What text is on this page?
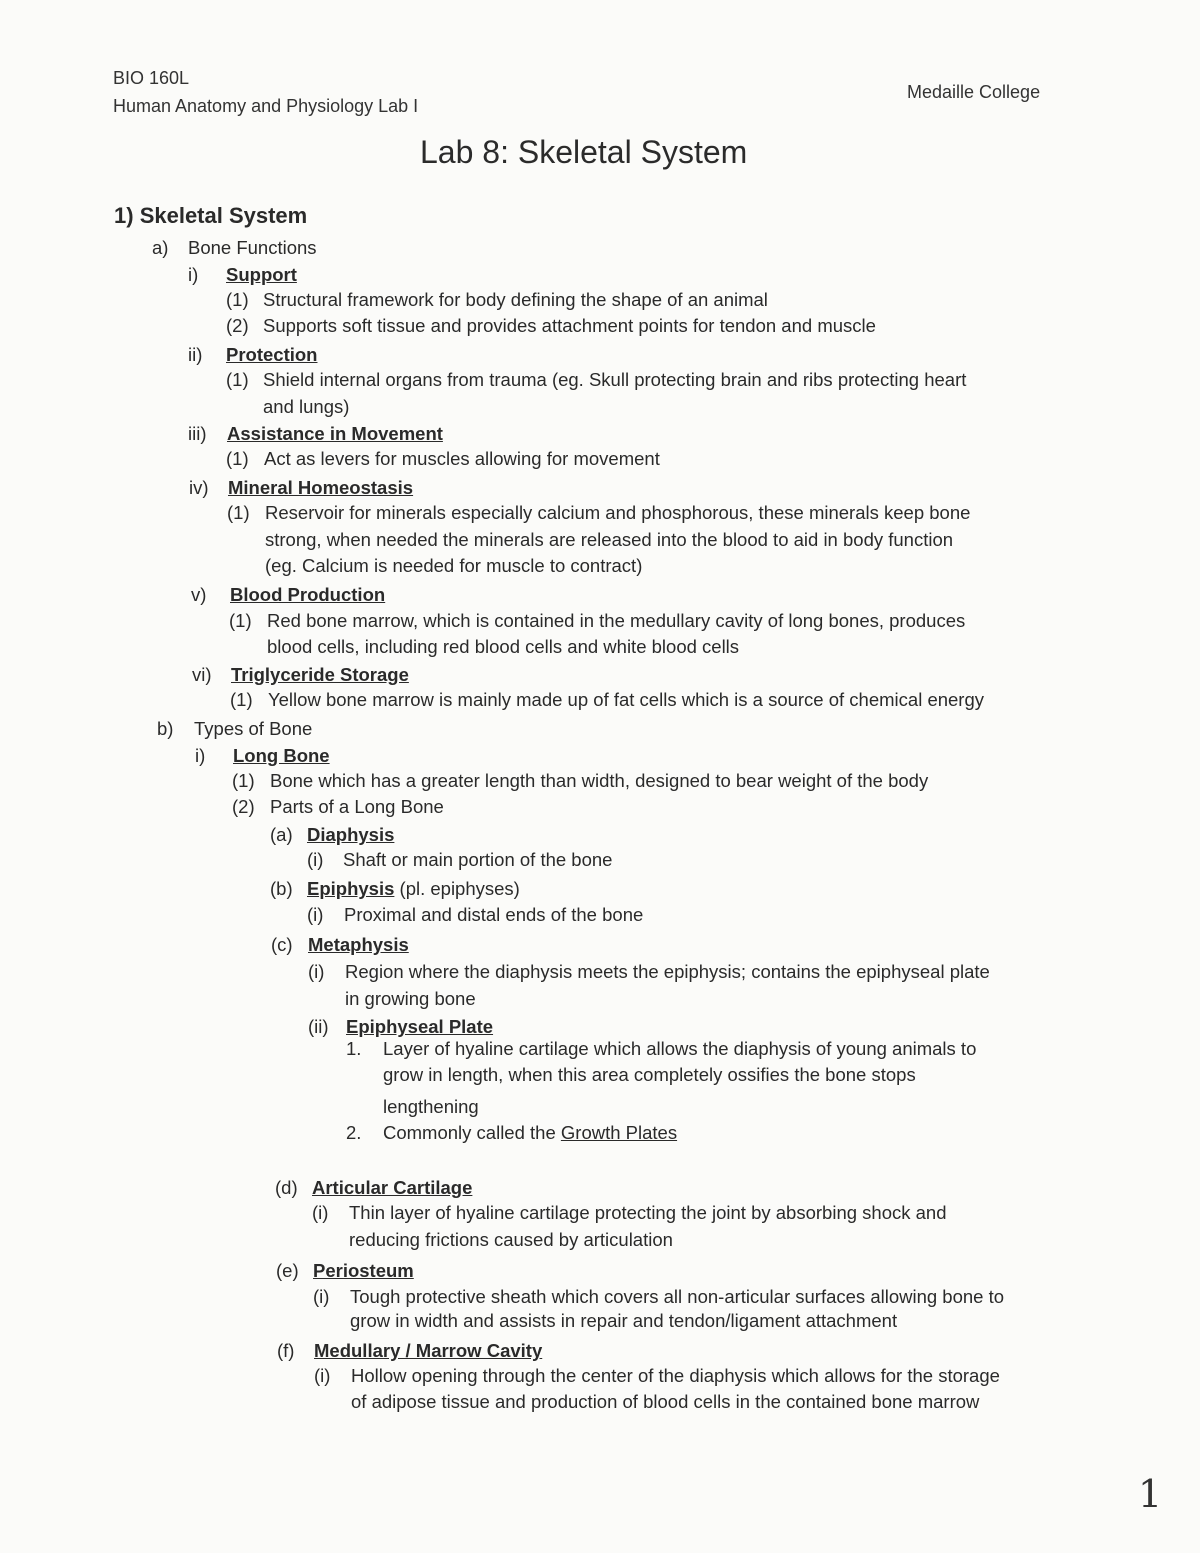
BIO 160L
Human Anatomy and Physiology Lab I
Medaille College
Lab 8: Skeletal System
1) Skeletal System
a) Bone Functions
i) Support
(1) Structural framework for body defining the shape of an animal
(2) Supports soft tissue and provides attachment points for tendon and muscle
ii) Protection
(1) Shield internal organs from trauma (eg. Skull protecting brain and ribs protecting heart
and lungs)
iii) Assistance in Movement
(1) Act as levers for muscles allowing for movement
iv) Mineral Homeostasis
(1) Reservoir for minerals especially calcium and phosphorous, these minerals keep bone
strong, when needed the minerals are released into the blood to aid in body function
(eg. Calcium is needed for muscle to contract)
v) Blood Production
(1) Red bone marrow, which is contained in the medullary cavity of long bones, produces
blood cells, including red blood cells and white blood cells
vi) Triglyceride Storage
(1) Yellow bone marrow is mainly made up of fat cells which is a source of chemical energy
b) Types of Bone
i) Long Bone
(1) Bone which has a greater length than width, designed to bear weight of the body
(2) Parts of a Long Bone
(a) Diaphysis
(i) Shaft or main portion of the bone
(b) Epiphysis (pl. epiphyses)
(i) Proximal and distal ends of the bone
(c) Metaphysis
(i) Region where the diaphysis meets the epiphysis; contains the epiphyseal plate
in growing bone
(ii) Epiphyseal Plate
1. Layer of hyaline cartilage which allows the diaphysis of young animals to
grow in length, when this area completely ossifies the bone stops
lengthening
2. Commonly called the Growth Plates
(d) Articular Cartilage
(i) Thin layer of hyaline cartilage protecting the joint by absorbing shock and
reducing frictions caused by articulation
(e) Periosteum
(i) Tough protective sheath which covers all non-articular surfaces allowing bone to
grow in width and assists in repair and tendon/ligament attachment
(f) Medullary / Marrow Cavity
(i) Hollow opening through the center of the diaphysis which allows for the storage
of adipose tissue and production of blood cells in the contained bone marrow
1
